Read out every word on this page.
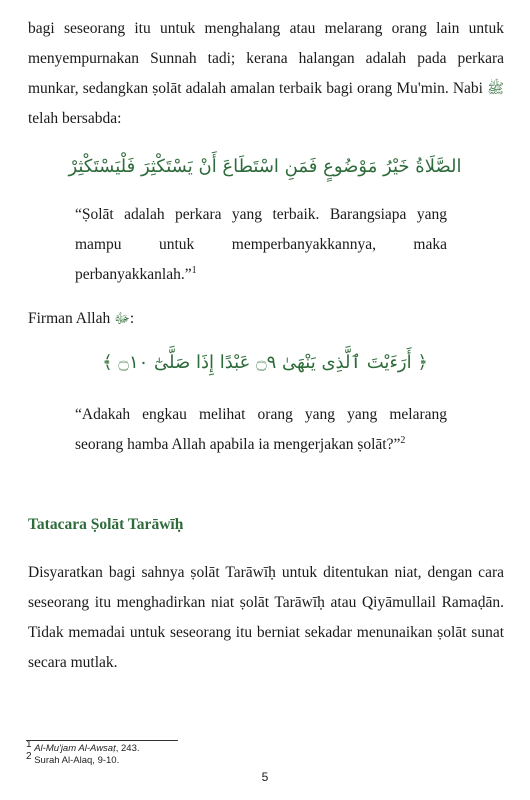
bagi seseorang itu untuk menghalang atau melarang orang lain untuk menyempurnakan Sunnah tadi; kerana halangan adalah pada perkara munkar, sedangkan ṣolāt adalah amalan terbaik bagi orang Mu'min. Nabi ﷺ telah bersabda:

الصَّلَاةُ خَيْرُ مَوْضُوعٍ فَمَنِ اسْتَطَاعَ أَنْ يَسْتَكْثِرَ فَلْيَسْتَكْثِرْ

“Ṣolāt adalah perkara yang terbaik. Barangsiapa yang mampu untuk memperbanyakkannya, maka perbanyakkanlah.”$^1$

Firman Allah ﷻ:

﴿ أَرَءَيْتَ ٱلَّذِى يَنْهَىٰ ۝٩ عَبْدًا إِذَا صَلَّىٰٓ ۝١٠ ﴾

“Adakah engkau melihat orang yang yang melarang seorang hamba Allah apabila ia mengerjakan ṣolāt?”$^2$

Tatacara Ṣolāt Tarāwīḥ

Disyaratkan bagi sahnya ṣolāt Tarāwīḥ untuk ditentukan niat, dengan cara seseorang itu menghadirkan niat ṣolāt Tarāwīḥ atau Qiyāmullail Ramaḍān. Tidak memadai untuk seseorang itu berniat sekadar menunaikan ṣolāt sunat secara mutlak.

$^1$ Al-Mu'jam Al-Awsaṭ, 243.
$^2$ Surah Al-Alaq, 9-10.
5
